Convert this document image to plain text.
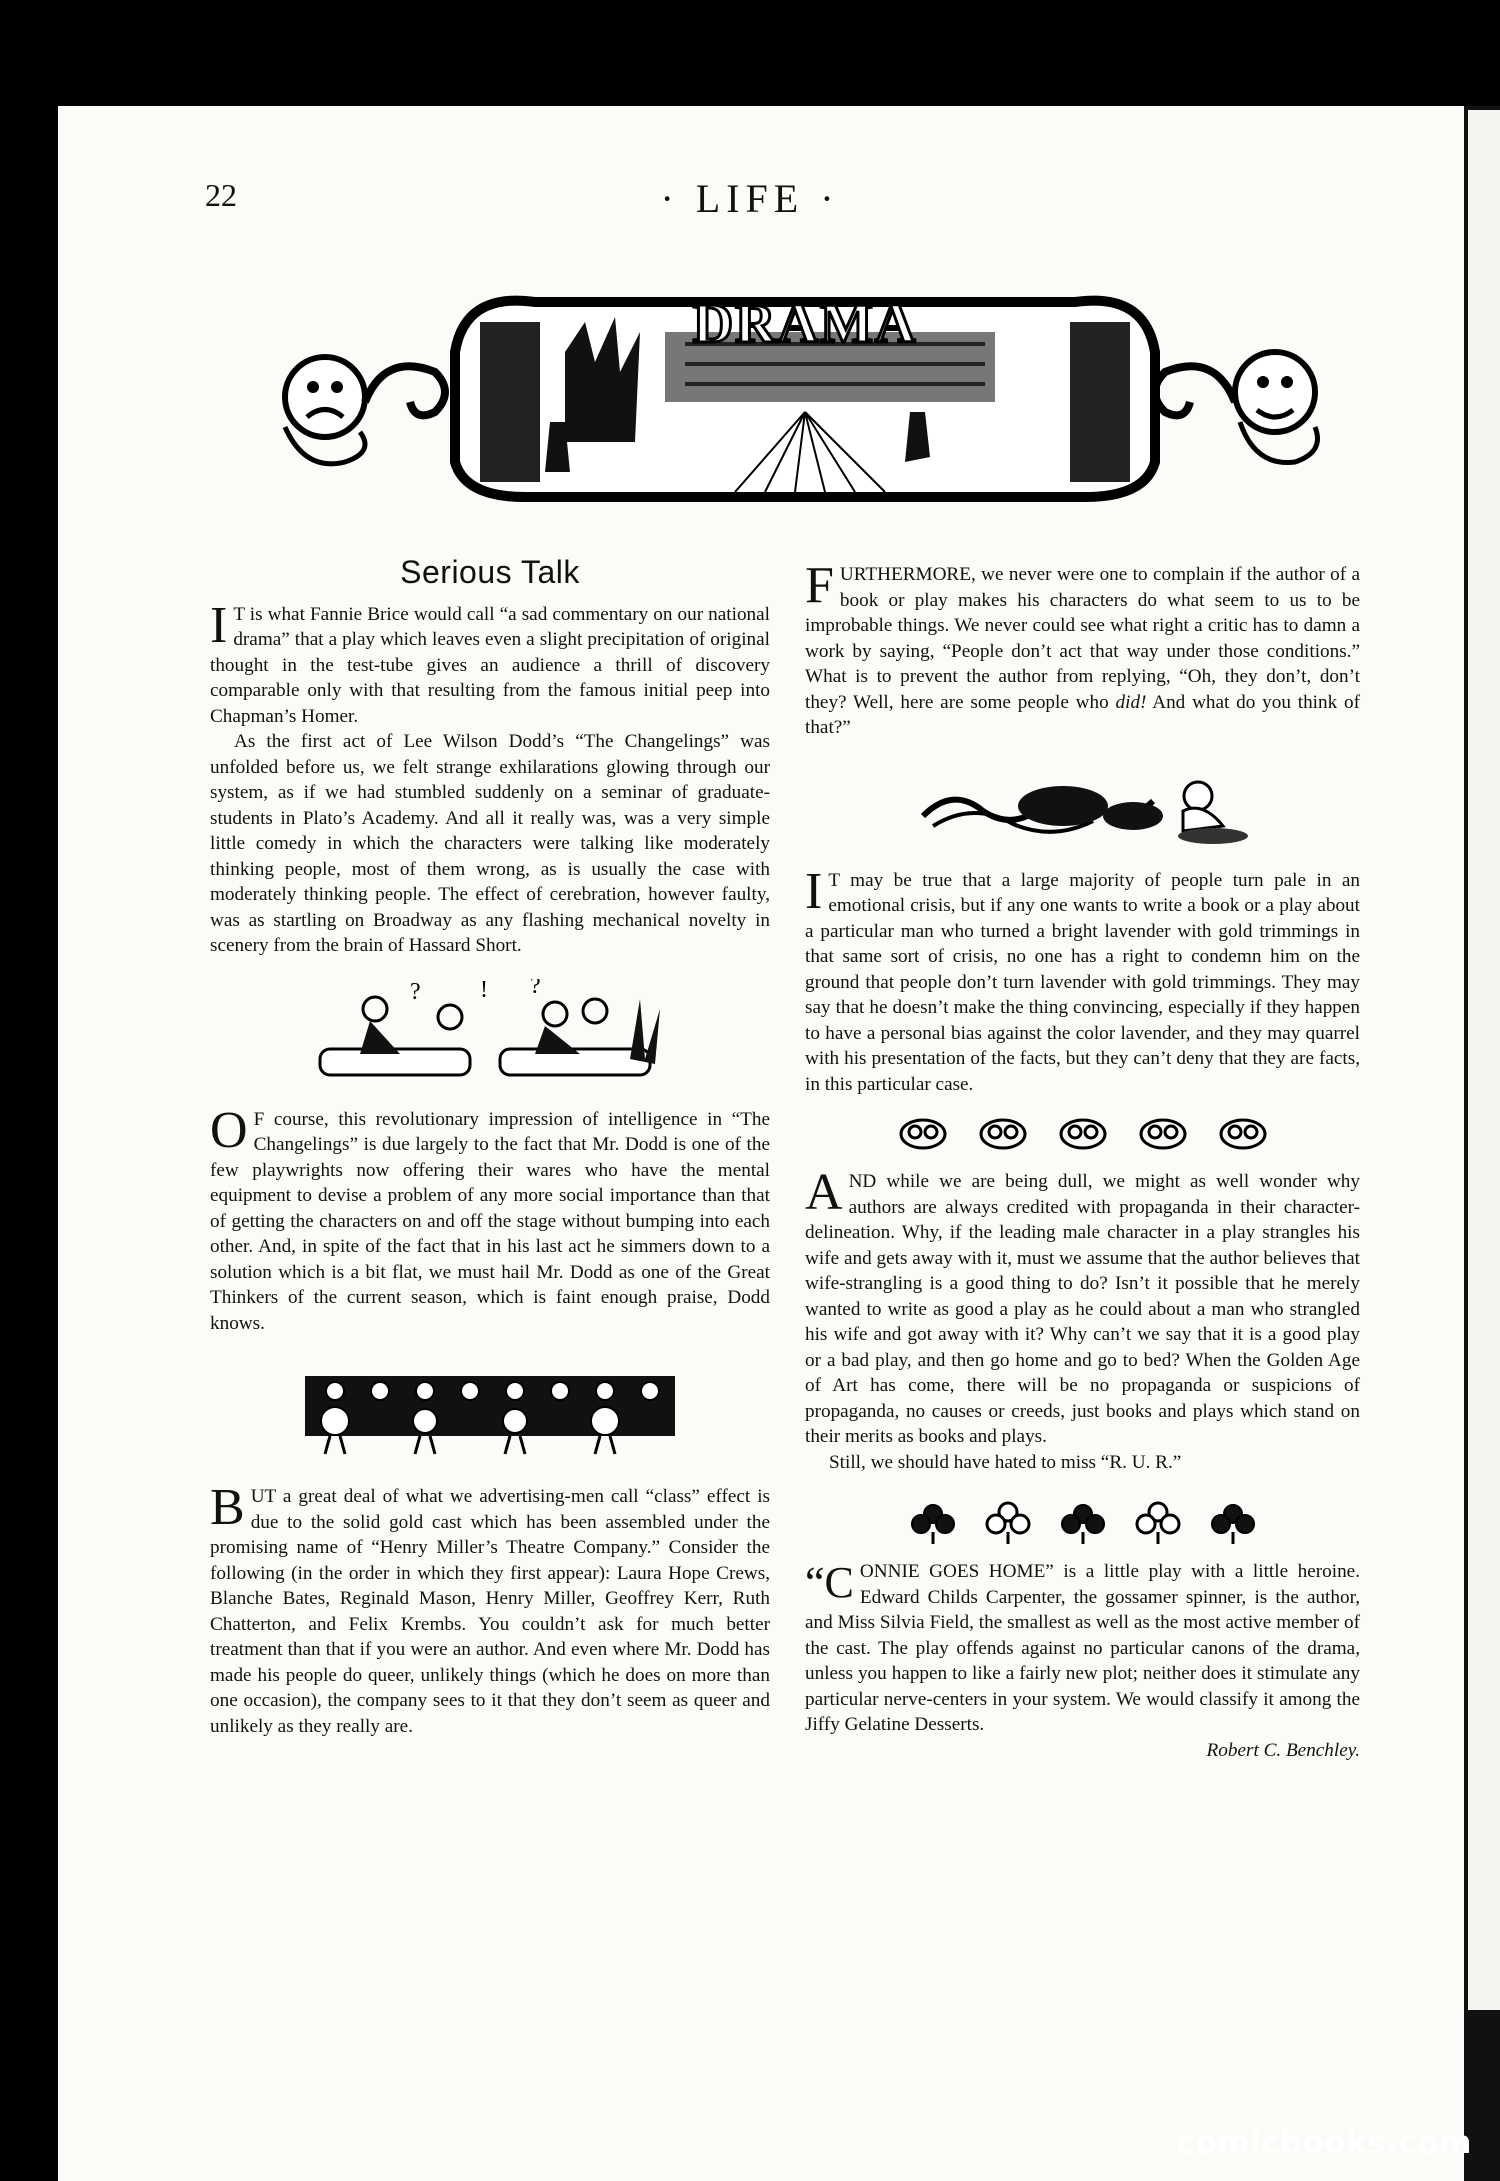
22	· LIFE ·
DRAMA
Serious Talk

I T is what Fannie Brice would call “a sad commentary on our national drama” that a play which leaves even a slight precipitation of original thought in the test-tube gives an audience a thrill of discovery comparable only with that resulting from the famous initial peep into Chapman’s Homer.

As the first act of Lee Wilson Dodd’s “The Changelings” was unfolded before us, we felt strange exhilarations glowing through our system, as if we had stumbled suddenly on a seminar of graduate-students in Plato’s Academy. And all it really was, was a very simple little comedy in which the characters were talking like moderately thinking people, most of them wrong, as is usually the case with moderately thinking people. The effect of cerebration, however faulty, was as startling on Broadway as any flashing mechanical novelty in scenery from the brain of Hassard Short.

? ! ?

O F course, this revolutionary impression of intelligence in “The Changelings” is due largely to the fact that Mr. Dodd is one of the few playwrights now offering their wares who have the mental equipment to devise a problem of any more social importance than that of getting the characters on and off the stage without bumping into each other. And, in spite of the fact that in his last act he simmers down to a solution which is a bit flat, we must hail Mr. Dodd as one of the Great Thinkers of the current season, which is faint enough praise, Dodd knows.

BUT a great deal of what we advertising-men call “class” effect is due to the solid gold cast which has been assembled under the promising name of “Henry Miller’s Theatre Company.” Consider the following (in the order in which they first appear): Laura Hope Crews, Blanche Bates, Reginald Mason, Henry Miller, Geoffrey Kerr, Ruth Chatterton, and Felix Krembs. You couldn’t ask for much better treatment than that if you were an author. And even where Mr. Dodd has made his people do queer, unlikely things (which he does on more than one occasion), the company sees to it that they don’t seem as queer and unlikely as they really are.

FURTHERMORE, we never were one to complain if the author of a book or play makes his characters do what seem to us to be improbable things. We never could see what right a critic has to damn a work by saying, “People don’t act that way under those conditions.” What is to prevent the author from replying, “Oh, they don’t, don’t they? Well, here are some people who did! And what do you think of that?”

I T may be true that a large majority of people turn pale in an emotional crisis, but if any one wants to write a book or a play about a particular man who turned a bright lavender with gold trimmings in that same sort of crisis, no one has a right to condemn him on the ground that people don’t turn lavender with gold trimmings. They may say that he doesn’t make the thing convincing, especially if they happen to have a personal bias against the color lavender, and they may quarrel with his presentation of the facts, but they can’t deny that they are facts, in this particular case.

AND while we are being dull, we might as well wonder why authors are always credited with propaganda in their character-delineation. Why, if the leading male character in a play strangles his wife and gets away with it, must we assume that the author believes that wife-strangling is a good thing to do? Isn’t it possible that he merely wanted to write as good a play as he could about a man who strangled his wife and got away with it? Why can’t we say that it is a good play or a bad play, and then go home and go to bed? When the Golden Age of Art has come, there will be no propaganda or suspicions of propaganda, no causes or creeds, just books and plays which stand on their merits as books and plays.

Still, we should have hated to miss “R. U. R.”

“CONNIE GOES HOME” is a little play with a little heroine. Edward Childs Carpenter, the gossamer spinner, is the author, and Miss Silvia Field, the smallest as well as the most active member of the cast. The play offends against no particular canons of the drama, unless you happen to like a fairly new plot; neither does it stimulate any particular nerve-centers in your system. We would classify it among the Jiffy Gelatine Desserts.

Robert C. Benchley.

comicbooks.com
